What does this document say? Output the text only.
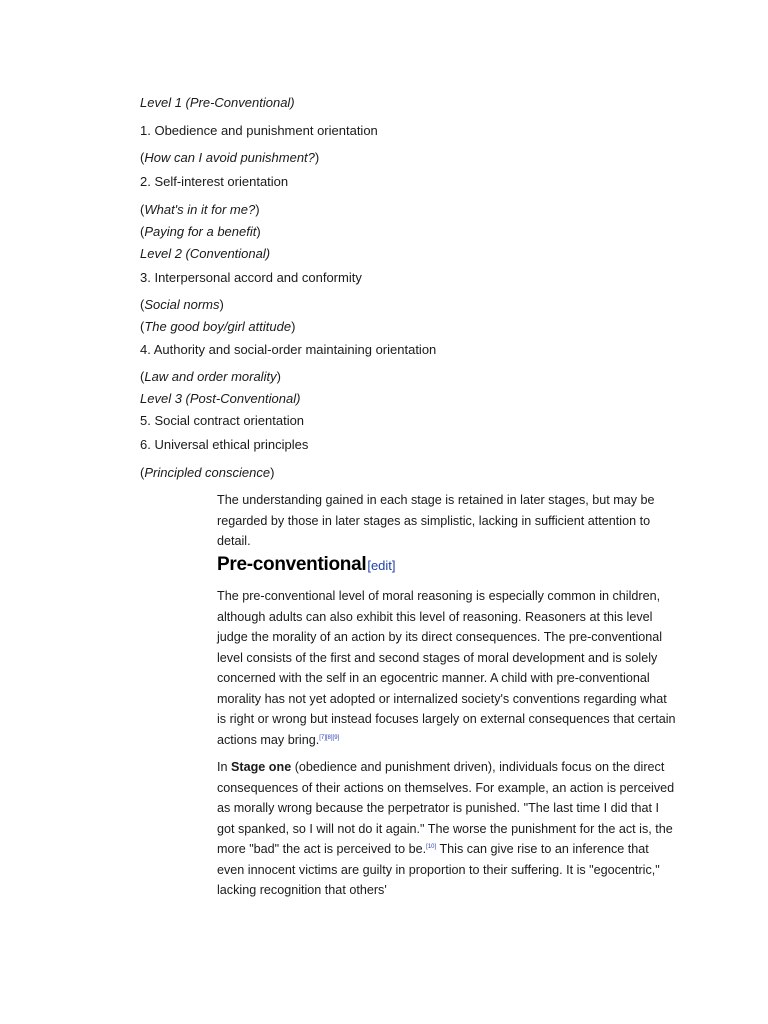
Level 1 (Pre-Conventional)
1. Obedience and punishment orientation
(How can I avoid punishment?)
2. Self-interest orientation
(What's in it for me?)
(Paying for a benefit)
Level 2 (Conventional)
3. Interpersonal accord and conformity
(Social norms)
(The good boy/girl attitude)
4. Authority and social-order maintaining orientation
(Law and order morality)
Level 3 (Post-Conventional)
5. Social contract orientation
6. Universal ethical principles
(Principled conscience)
The understanding gained in each stage is retained in later stages, but may be regarded by those in later stages as simplistic, lacking in sufficient attention to detail.
Pre-conventional[edit]
The pre-conventional level of moral reasoning is especially common in children, although adults can also exhibit this level of reasoning. Reasoners at this level judge the morality of an action by its direct consequences. The pre-conventional level consists of the first and second stages of moral development and is solely concerned with the self in an egocentric manner. A child with pre-conventional morality has not yet adopted or internalized society's conventions regarding what is right or wrong but instead focuses largely on external consequences that certain actions may bring.[7][8][9]
In Stage one (obedience and punishment driven), individuals focus on the direct consequences of their actions on themselves. For example, an action is perceived as morally wrong because the perpetrator is punished. "The last time I did that I got spanked, so I will not do it again." The worse the punishment for the act is, the more "bad" the act is perceived to be.[10] This can give rise to an inference that even innocent victims are guilty in proportion to their suffering. It is "egocentric," lacking recognition that others'
